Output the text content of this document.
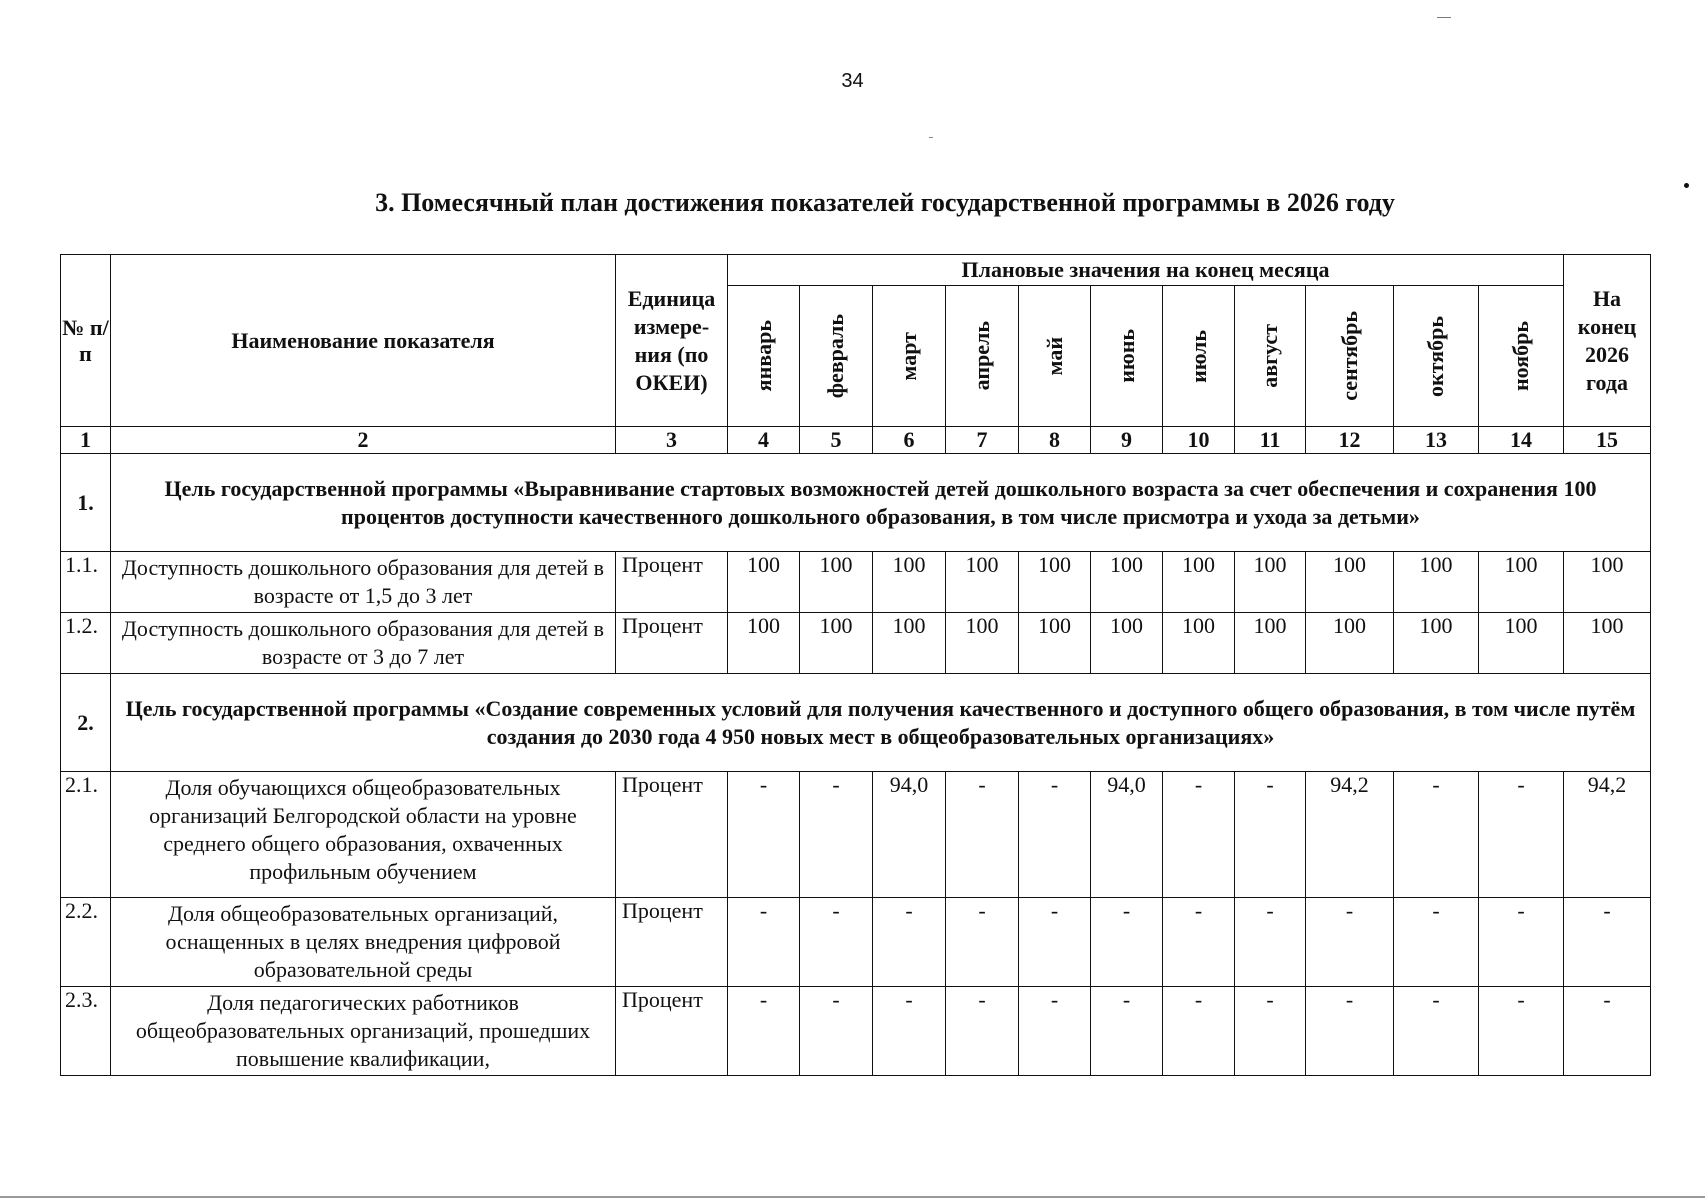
34
3. Помесячный план достижения показателей государственной программы в 2026 году
№ п/п	Наименование показателя	Единица измере-ния (по ОКЕИ)	Плановые значения на конец месяца											На конец 2026 года

			январь	февраль	март	апрель	май	июнь	июль	август	сентябрь	октябрь	ноябрь	

1	2	3	4	5	6	7	8	9	10	11	12	13	14	15
1.	Цель государственной программы «Выравнивание стартовых возможностей детей дошкольного возраста за счет обеспечения и сохранения 100 процентов доступности качественного дошкольного образования, в том числе присмотра и ухода за детьми»													
1.1.	Доступность дошкольного образования для детей в возрасте от 1,5 до 3 лет	Процент	100	100	100	100	100	100	100	100	100	100	100	100
1.2.	Доступность дошкольного образования для детей в возрасте от 3 до 7 лет	Процент	100	100	100	100	100	100	100	100	100	100	100	100
2.	Цель государственной программы «Создание современных условий для получения качественного и доступного общего образования, в том числе путём создания до 2030 года 4 950 новых мест в общеобразовательных организациях»													
2.1.	Доля обучающихся общеобразовательных организаций Белгородской области на уровне среднего общего образования, охваченных профильным обучением	Процент	-	-	94,0	-	-	94,0	-	-	94,2	-	-	94,2
2.2.	Доля общеобразовательных организаций, оснащенных в целях внедрения цифровой образовательной среды	Процент	-	-	-	-	-	-	-	-	-	-	-	-
2.3.	Доля педагогических работников общеобразовательных организаций, прошедших повышение квалификации,	Процент	-	-	-	-	-	-	-	-	-	-	-	-
